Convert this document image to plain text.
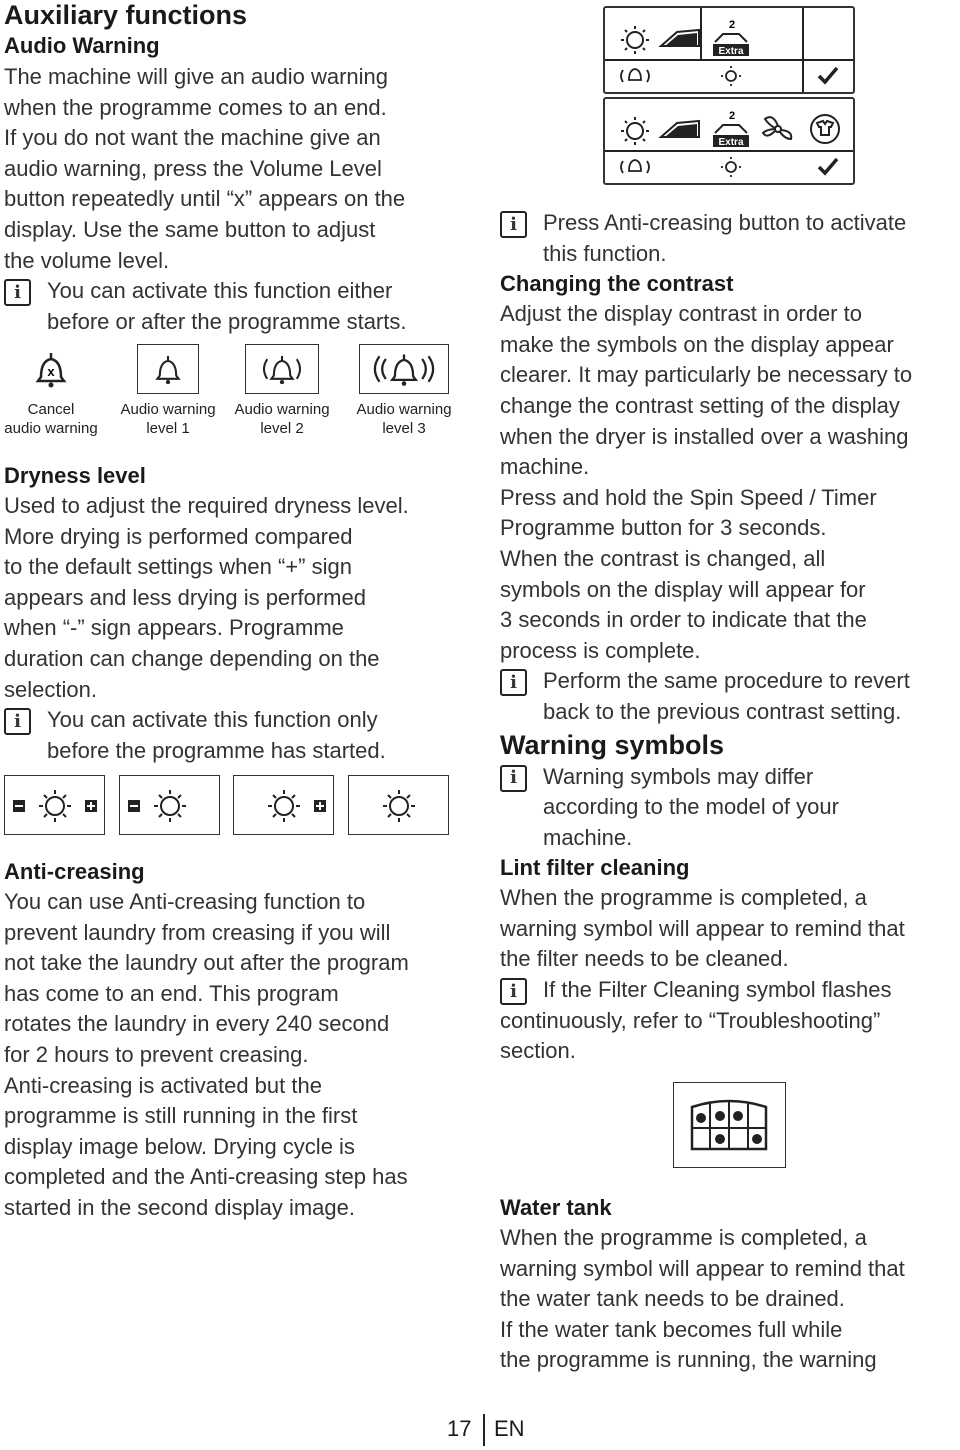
Auxiliary functions
Audio Warning
The machine will give an audio warning
when the programme comes to an end.
If you do not want the machine give an
audio warning, press the Volume Level
button repeatedly until “x” appears on the
display. Use the same button to adjust
the volume level.
i You can activate this function either
before or after the programme starts.
x
Cancel
audio warning
Audio warning
level 1
Audio warning
level 2
Audio warning
level 3
Dryness level
Used to adjust the required dryness level.
More drying is performed compared
to the default settings when “+” sign
appears and less drying is performed
when “-” sign appears. Programme
duration can change depending on the
selection.
i You can activate this function only
before the programme has started.
Anti-creasing
You can use Anti-creasing function to
prevent laundry from creasing if you will
not take the laundry out after the program
has come to an end. This program
rotates the laundry in every 240 second
for 2 hours to prevent creasing.
Anti-creasing is activated but the
programme is still running in the first
display image below. Drying cycle is
completed and the Anti-creasing step has
started in the second display image.
2
Extra
2
Extra
i Press Anti-creasing button to activate
this function.
Changing the contrast
Adjust the display contrast in order to
make the symbols on the display appear
clearer. It may particularly be necessary to
change the contrast setting of the display
when the dryer is installed over a washing
machine.
Press and hold the Spin Speed / Timer
Programme button for 3 seconds.
When the contrast is changed, all
symbols on the display will appear for
3 seconds in order to indicate that the
process is complete.
i Perform the same procedure to revert
back to the previous contrast setting.
Warning symbols
i Warning symbols may differ
according to the model of your
machine.
Lint filter cleaning
When the programme is completed, a
warning symbol will appear to remind that
the filter needs to be cleaned.
i If the Filter Cleaning symbol flashes
continuously, refer to “Troubleshooting”
section.
Water tank
When the programme is completed, a
warning symbol will appear to remind that
the water tank needs to be drained.
If the water tank becomes full while
the programme is running, the warning
17 EN
